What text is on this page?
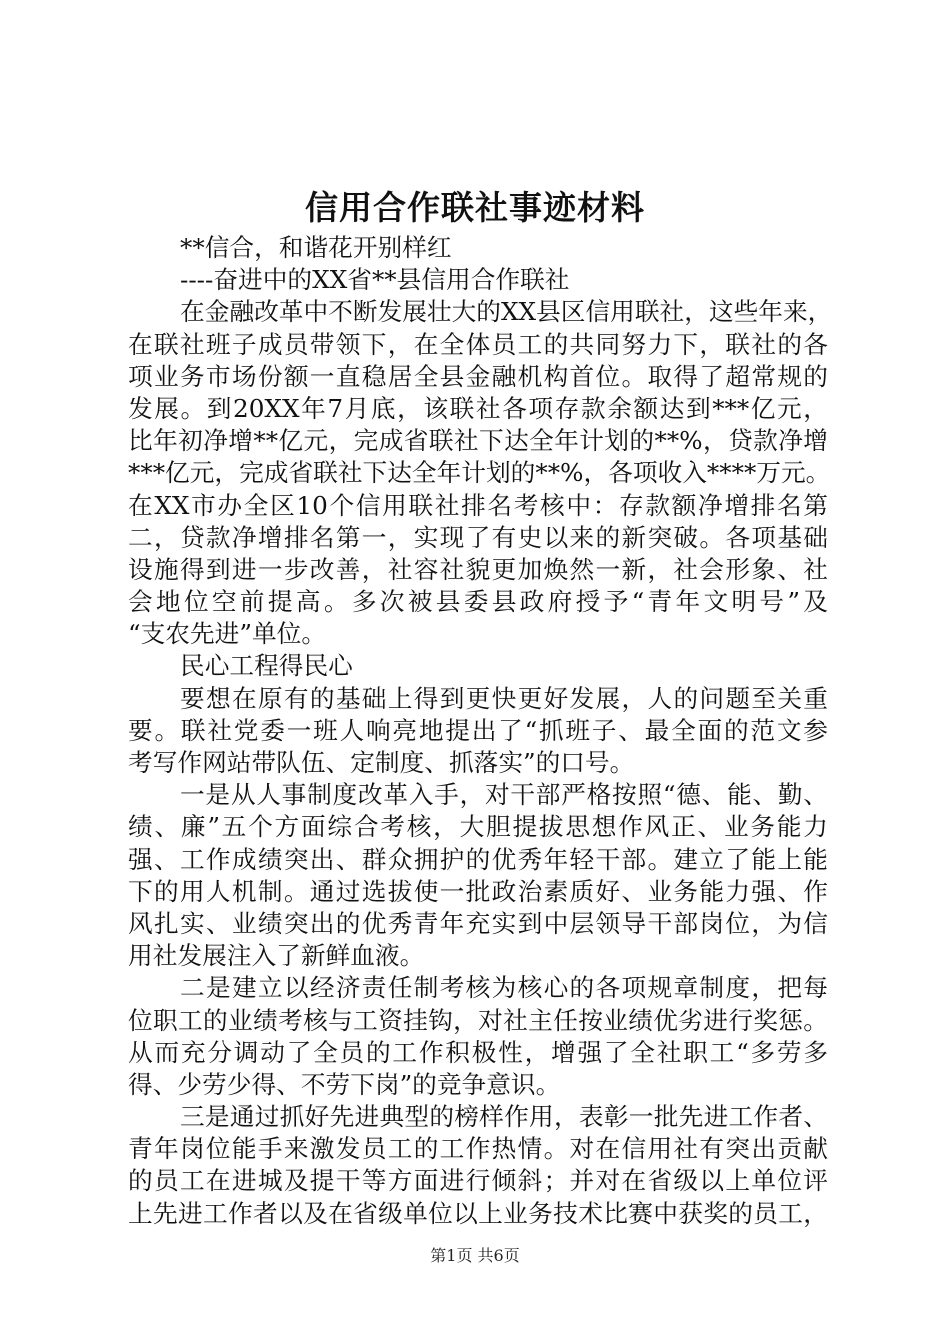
信用合作联社事迹材料
**信合，和谐花开别样红
----奋进中的XX省**县信用合作联社
在金融改革中不断发展壮大的XX县区信用联社，这些年来，
在联社班子成员带领下，在全体员工的共同努力下，联社的各
项业务市场份额一直稳居全县金融机构首位。取得了超常规的
发展。到20XX年7月底，该联社各项存款余额达到***亿元，
比年初净增**亿元，完成省联社下达全年计划的**%，贷款净增
***亿元，完成省联社下达全年计划的**%，各项收入****万元。
在XX市办全区10个信用联社排名考核中：存款额净增排名第
二，贷款净增排名第一，实现了有史以来的新突破。各项基础
设施得到进一步改善，社容社貌更加焕然一新，社会形象、社
会地位空前提高。多次被县委县政府授予“青年文明号”及
“支农先进”单位。
民心工程得民心
要想在原有的基础上得到更快更好发展，人的问题至关重
要。联社党委一班人响亮地提出了“抓班子、最全面的范文参
考写作网站带队伍、定制度、抓落实”的口号。
一是从人事制度改革入手，对干部严格按照“德、能、勤、
绩、廉”五个方面综合考核，大胆提拔思想作风正、业务能力
强、工作成绩突出、群众拥护的优秀年轻干部。建立了能上能
下的用人机制。通过选拔使一批政治素质好、业务能力强、作
风扎实、业绩突出的优秀青年充实到中层领导干部岗位，为信
用社发展注入了新鲜血液。
二是建立以经济责任制考核为核心的各项规章制度，把每
位职工的业绩考核与工资挂钩，对社主任按业绩优劣进行奖惩。
从而充分调动了全员的工作积极性，增强了全社职工“多劳多
得、少劳少得、不劳下岗”的竞争意识。
三是通过抓好先进典型的榜样作用，表彰一批先进工作者、
青年岗位能手来激发员工的工作热情。对在信用社有突出贡献
的员工在进城及提干等方面进行倾斜；并对在省级以上单位评
上先进工作者以及在省级单位以上业务技术比赛中获奖的员工，
第1页 共6页
